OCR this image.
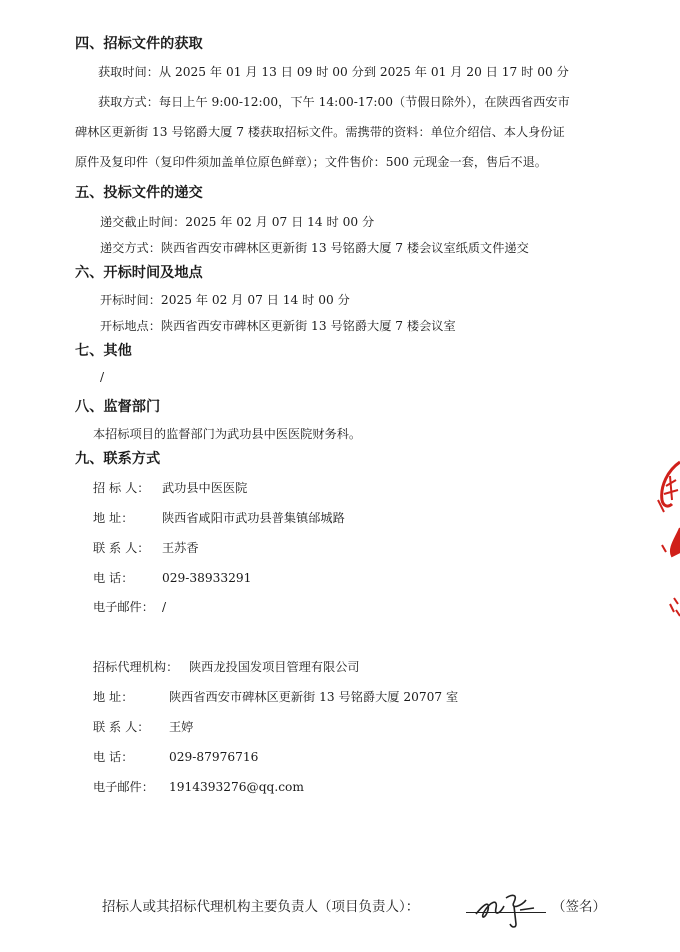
四、招标文件的获取
获取时间：从 2025 年 01 月 13 日 09 时 00 分到 2025 年 01 月 20 日 17 时 00 分
获取方式：每日上午 9:00-12:00，下午 14:00-17:00（节假日除外），在陕西省西安市
碑林区更新街 13 号铭爵大厦 7 楼获取招标文件。需携带的资料：单位介绍信、本人身份证
原件及复印件（复印件须加盖单位原色鲜章）；文件售价：500 元现金一套，售后不退。
五、投标文件的递交
递交截止时间：2025 年 02 月 07 日 14 时 00 分
递交方式：陕西省西安市碑林区更新街 13 号铭爵大厦 7 楼会议室纸质文件递交
六、开标时间及地点
开标时间：2025 年 02 月 07 日 14 时 00 分
开标地点：陕西省西安市碑林区更新街 13 号铭爵大厦 7 楼会议室
七、其他
/
八、监督部门
本招标项目的监督部门为武功县中医医院财务科。
九、联系方式
招 标 人： 武功县中医医院
地 址： 陕西省咸阳市武功县普集镇邰城路
联 系 人： 王苏香
电 话： 029-38933291
电子邮件： /
招标代理机构： 陕西龙投国发项目管理有限公司
地 址：	陕西省西安市碑林区更新街 13 号铭爵大厦 20707 室
联 系 人： 王婷
电 话：	029-87976716
电子邮件： 1914393276@qq.com
招标人或其招标代理机构主要负责人（项目负责人）：	（签名）
